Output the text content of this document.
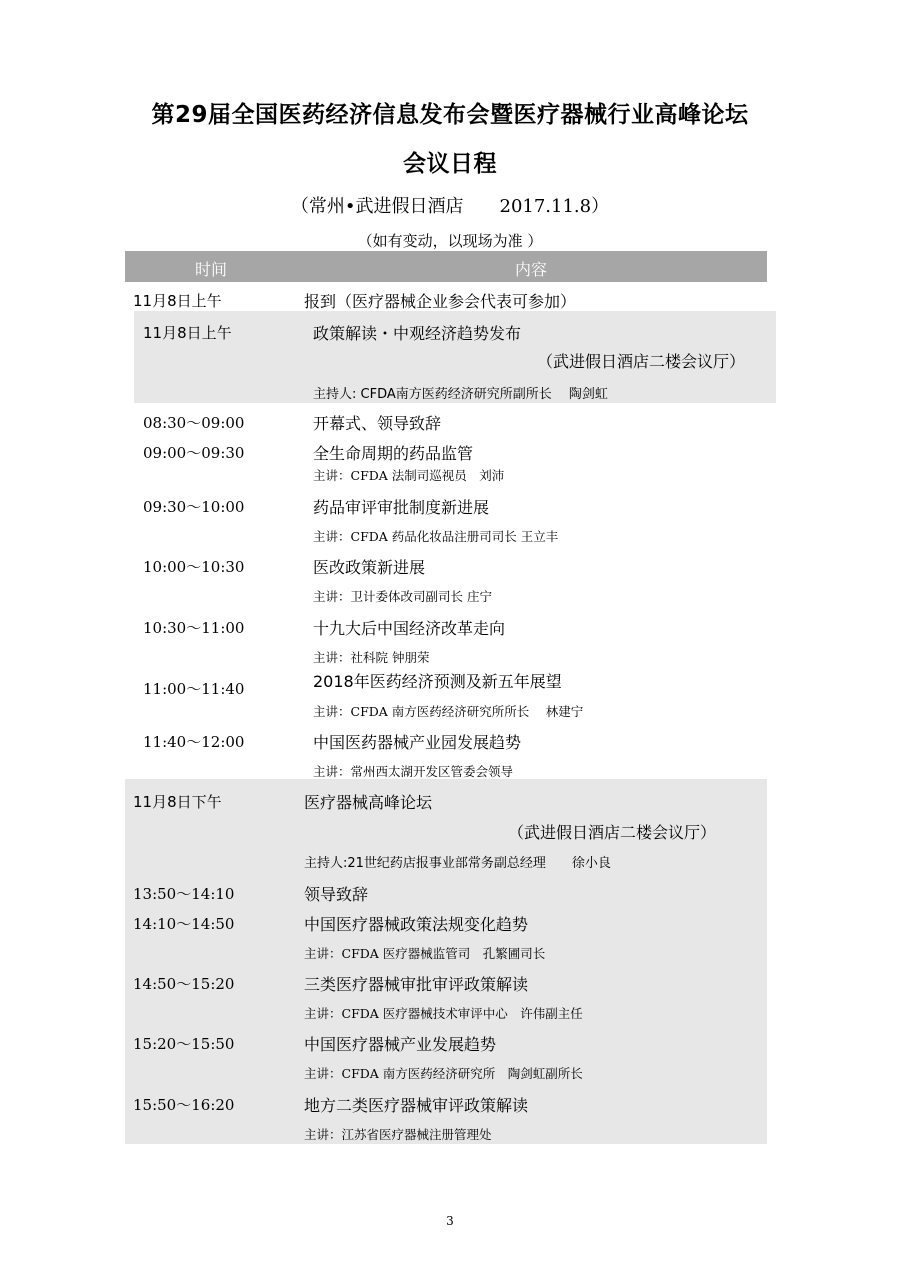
第29届全国医药经济信息发布会暨医疗器械行业高峰论坛
会议日程
（常州•武进假日酒店　　2017.11.8）
（如有变动，以现场为准 ）
时间	内容
11月8日上午	报到（医疗器械企业参会代表可参加）
11月8日上午	政策解读・中观经济趋势发布
（武进假日酒店二楼会议厅）
主持人: CFDA南方医药经济研究所副所长　 陶剑虹
08:30～09:00	开幕式、领导致辞
09:00～09:30	全生命周期的药品监管
主讲：CFDA 法制司巡视员　刘沛
09:30～10:00	药品审评审批制度新进展
主讲：CFDA 药品化妆品注册司司长 王立丰
10:00～10:30	医改政策新进展
主讲：卫计委体改司副司长 庄宁
10:30～11:00	十九大后中国经济改革走向
主讲：社科院 钟朋荣
11:00～11:40	2018年医药经济预测及新五年展望
主讲：CFDA 南方医药经济研究所所长　 林建宁
11:40～12:00	中国医药器械产业园发展趋势
主讲：常州西太湖开发区管委会领导
11月8日下午	医疗器械高峰论坛
（武进假日酒店二楼会议厅）
主持人:21世纪药店报事业部常务副总经理　　徐小良
13:50～14:10	领导致辞
14:10～14:50	中国医疗器械政策法规变化趋势
主讲：CFDA 医疗器械监管司　孔繁圃司长
14:50～15:20	三类医疗器械审批审评政策解读
主讲：CFDA 医疗器械技术审评中心　许伟副主任
15:20～15:50	中国医疗器械产业发展趋势
主讲：CFDA 南方医药经济研究所　陶剑虹副所长
15:50～16:20	地方二类医疗器械审评政策解读
主讲：江苏省医疗器械注册管理处
3
